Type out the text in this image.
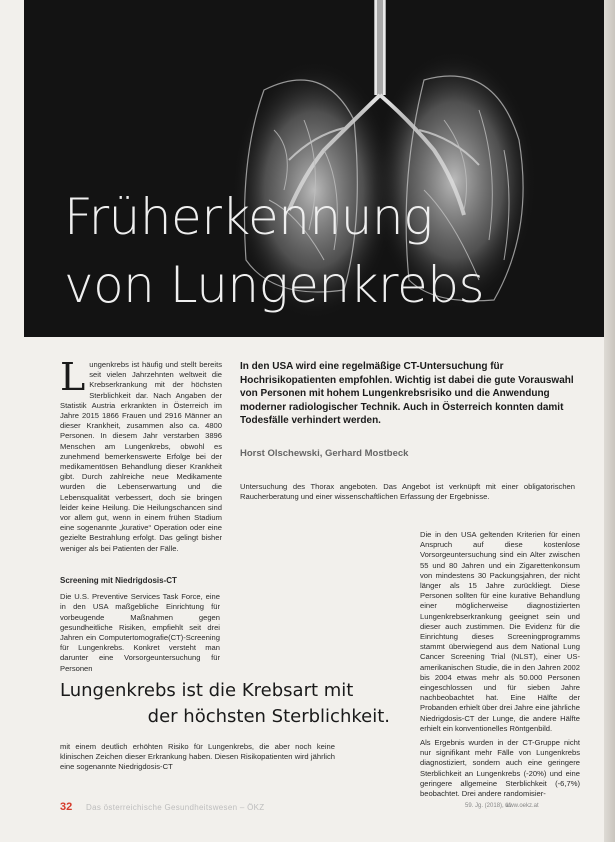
Früherkennung
von Lungenkrebs
In den USA wird eine regelmäßige CT-Untersuchung für Hochrisikopatienten empfohlen. Wichtig ist dabei die gute Vorauswahl von Personen mit hohem Lungenkrebsrisiko und die Anwendung moderner radiologischer Technik. Auch in Österreich konnten damit Todesfälle verhindert werden.
Horst Olschewski, Gerhard Mostbeck

Lungenkrebs ist häufig und stellt bereits seit vielen Jahrzehnten weltweit die Krebserkrankung mit der höchsten Sterblichkeit dar. Nach Angaben der Statistik Austria erkrankten in Österreich im Jahre 2015 1866 Frauen und 2916 Männer an dieser Krankheit, zusammen also ca. 4800 Personen. In diesem Jahr verstarben 3896 Menschen am Lungenkrebs, obwohl es zunehmend bemerkenswerte Erfolge bei der medikamentösen Behandlung dieser Krankheit gibt. Durch zahlreiche neue Medikamente wurden die Lebenserwartung und die Lebensqualität verbessert, doch sie bringen leider keine Heilung. Die Heilungschancen sind vor allem gut, wenn in einem frühen Stadium eine sogenannte „kurative“ Operation oder eine gezielte Bestrahlung erfolgt. Das gelingt bisher weniger als bei Patienten der Fälle.

Screening mit Niedrigdosis-CT

Die U.S. Preventive Services Task Force, eine in den USA maßgebliche Einrichtung für vorbeugende Maßnahmen gegen gesundheitliche Risiken, empfiehlt seit drei Jahren ein Computertomografie(CT)-Screening für Lungenkrebs. Konkret versteht man darunter eine Vorsorgeuntersuchung für Personen

mit einem deutlich erhöhten Risiko für Lungenkrebs, die aber noch keine klinischen Zeichen dieser Erkrankung haben. Diesen Risikopatienten wird jährlich eine sogenannte Niedrigdosis-CT

Untersuchung des Thorax angeboten. Das Angebot ist verknüpft mit einer obligatorischen Raucherberatung und einer wissenschaftlichen Erfassung der Ergebnisse.

Die in den USA geltenden Kriterien für einen Anspruch auf diese kostenlose Vorsorgeuntersuchung sind ein Alter zwischen 55 und 80 Jahren und ein Zigarettenkonsum von mindestens 30 Packungsjahren, der nicht länger als 15 Jahre zurückliegt. Diese Personen sollten für eine kurative Behandlung einer möglicherweise diagnostizierten Lungenkrebserkrankung geeignet sein und dieser auch zustimmen. Die Evidenz für die Einrichtung dieses Screeningprogramms stammt überwiegend aus dem National Lung Cancer Screening Trial (NLST), einer US-amerikanischen Studie, die in den Jahren 2002 bis 2004 etwas mehr als 50.000 Personen eingeschlossen und für sieben Jahre nachbeobachtet hat. Eine Hälfte der Probanden erhielt über drei Jahre eine jährliche Niedrigdosis-CT der Lunge, die andere Hälfte erhielt ein konventionelles Röntgenbild.

Als Ergebnis wurden in der CT-Gruppe nicht nur signifikant mehr Fälle von Lungenkrebs diagnostiziert, sondern auch eine geringere Sterblichkeit an Lungenkrebs (-20%) und eine geringere allgemeine Sterblichkeit (-6,7%) beobachtet. Drei andere randomisier-

Lungenkrebs ist die Krebsart mit
der höchsten Sterblichkeit.
32 Das österreichische Gesundheitswesen – ÖKZ	59. Jg. (2018), 11
www.oekz.at
